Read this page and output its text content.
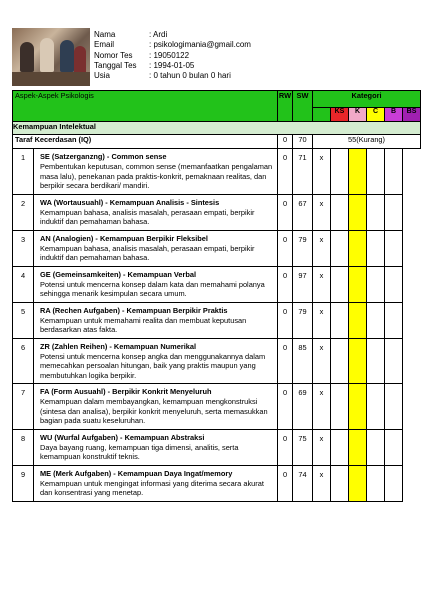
Nama	: Ardi
Email	: psikologimania@gmail.com
Nomor Tes	: 19050122
Tanggal Tes	: 1994-01-05
Usia	: 0 tahun 0 bulan 0 hari
Aspek-Aspek Psikologis		RW	SW	Kategori					
					KS	K	C	B	BS
Kemampuan Intelektual									
Taraf Kecerdasan (IQ)		0	70	55(Kurang)					
1	SE (Satzerganzng) - Common sense
Pembentukan keputusan, common sense (memanfaatkan pengalaman masa lalu), penekanan pada praktis-konkrit, pemaknaan realitas, dan berpikir secara berdikari/ mandiri.	0	71	x					
2	WA (Wortausuahl) - Kemampuan Analisis - Sintesis
Kemampuan bahasa, analisis masalah, perasaan empati, berpikir induktif dan pemahaman bahasa.	0	67	x					
3	AN (Analogien) - Kemampuan Berpikir Fleksibel
Kemampuan bahasa, analisis masalah, perasaan empati, berpikir induktif dan pemahaman bahasa.	0	79	x					
4	GE (Gemeinsamkeiten) - Kemampuan Verbal
Potensi untuk mencerna konsep dalam kata dan memahami polanya sehingga menarik kesimpulan secara umum.	0	97	x					
5	RA (Rechen Aufgaben) - Kemampuan Berpikir Praktis
Kemampuan untuk memahami realita dan membuat keputusan berdasarkan atas fakta.	0	79	x					
6	ZR (Zahlen Reihen) - Kemampuan Numerikal
Potensi untuk mencerna konsep angka dan menggunakannya dalam memecahkan persoalan hitungan, baik yang praktis maupun yang membutuhkan logika berpikir.	0	85	x					
7	FA (Form Ausuahl) - Berpikir Konkrit Menyeluruh
Kemampuan dalam membayangkan, kemampuan mengkonstruksi (sintesa dan analisa), berpikir konkrit menyeluruh, serta memasukkan bagian pada suatu keseluruhan.	0	69	x					
8	WU (Wurfal Aufgaben) - Kemampuan Abstraksi
Daya bayang ruang, kemampuan tiga dimensi, analitis, serta kemampuan konstruktif teknis.	0	75	x					
9	ME (Merk Aufgaben) - Kemampuan Daya Ingat/memory
Kemampuan untuk mengingat informasi yang diterima secara akurat dan konsentrasi yang menetap.	0	74	x					
